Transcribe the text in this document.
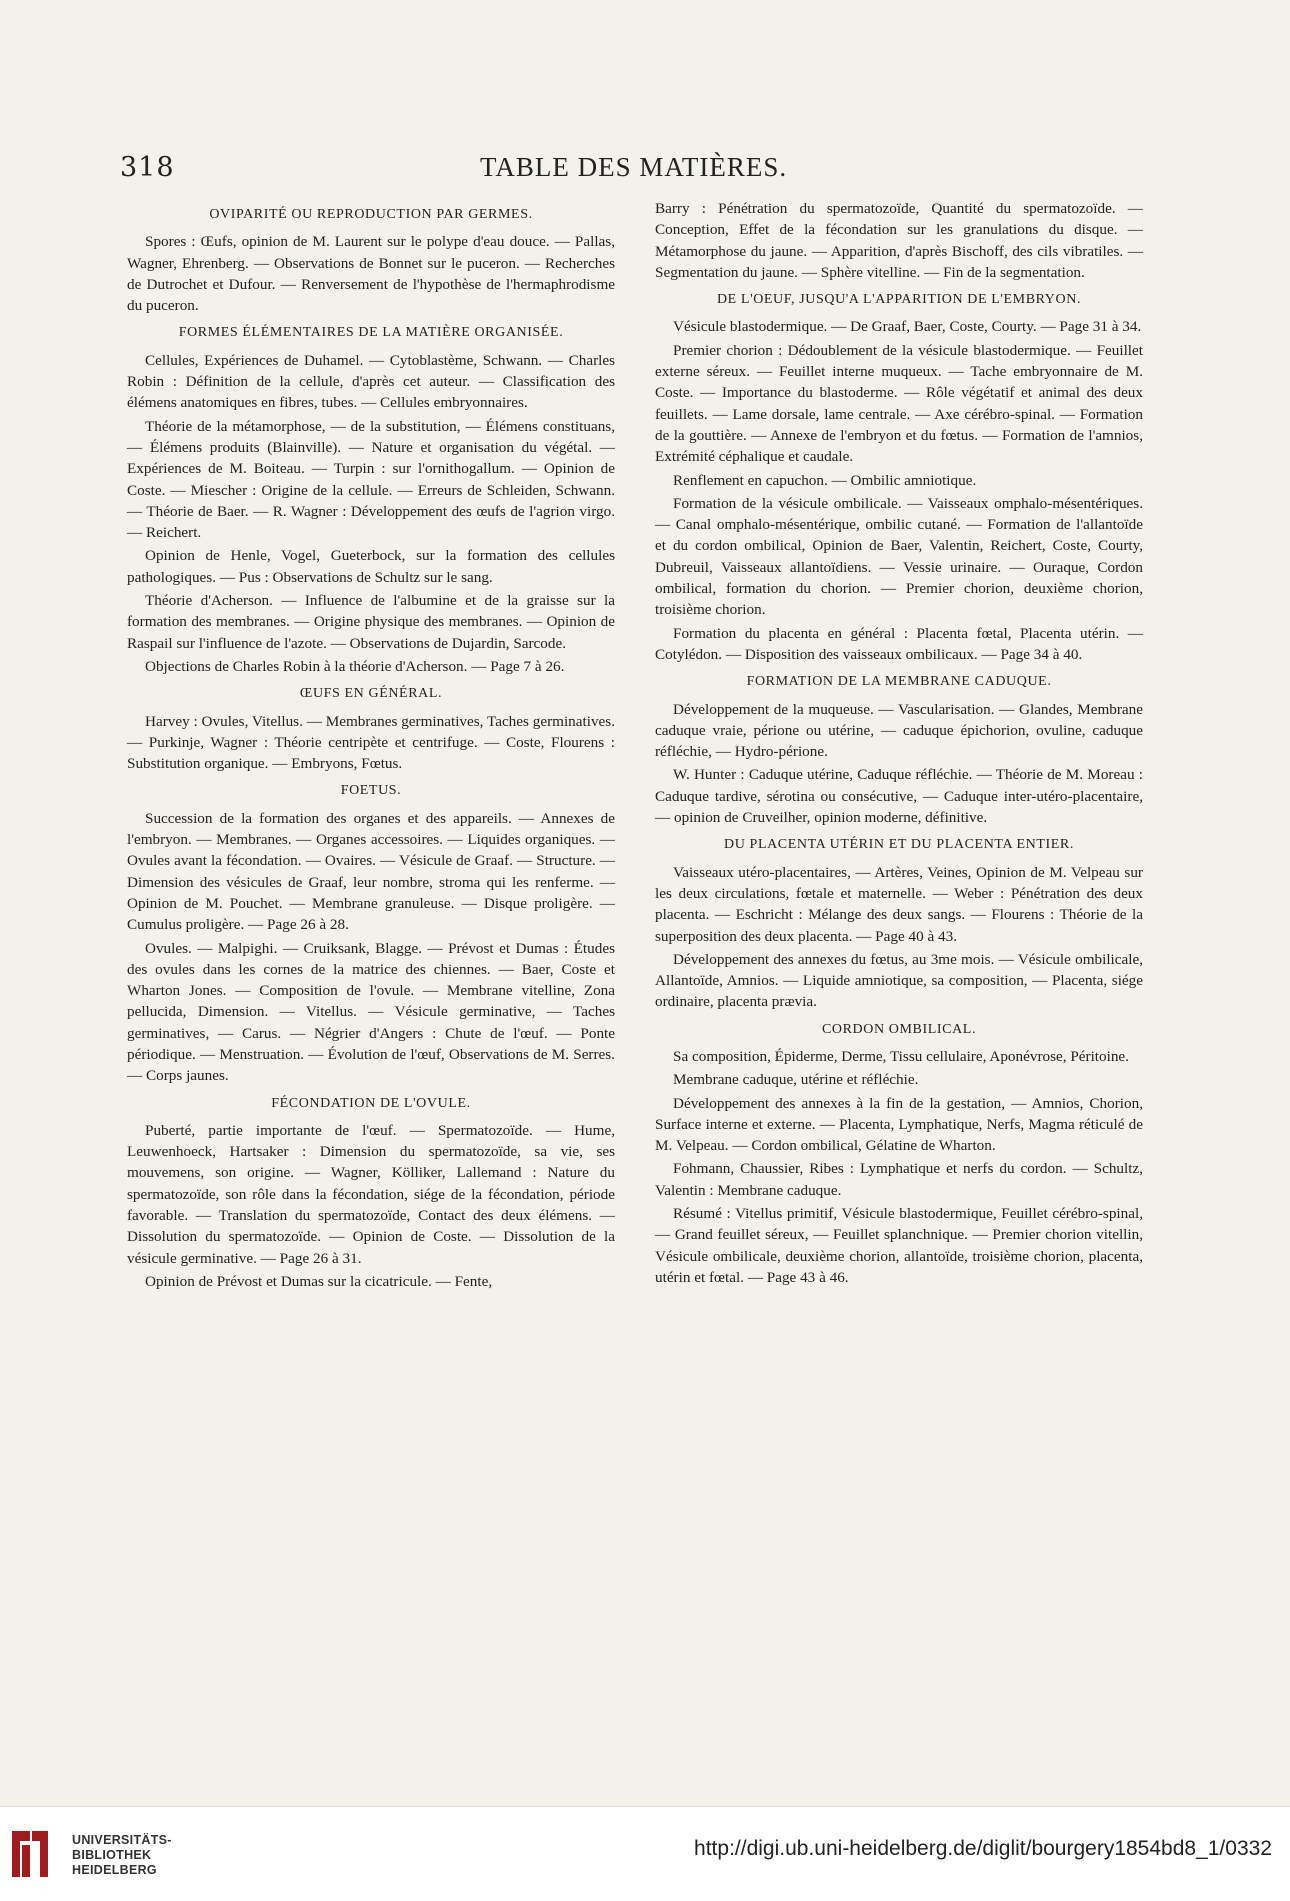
318	TABLE DES MATIÈRES.
OVIPARITÉ OU REPRODUCTION PAR GERMES.
Spores : Œufs, opinion de M. Laurent sur le polype d'eau douce. — Pallas, Wagner, Ehrenberg. — Observations de Bonnet sur le puceron. — Recherches de Dutrochet et Dufour. — Renversement de l'hypothèse de l'hermaphrodisme du puceron.
FORMES ÉLÉMENTAIRES DE LA MATIÈRE ORGANISÉE.
Cellules, Expériences de Duhamel. — Cytoblastème, Schwann. — Charles Robin : Définition de la cellule, d'après cet auteur. — Classification des élémens anatomiques en fibres, tubes. — Cellules embryonnaires.
Théorie de la métamorphose, — de la substitution, — Élémens constituans, — Élémens produits (Blainville). — Nature et organisation du végétal. — Expériences de M. Boiteau. — Turpin : sur l'ornithogallum. — Opinion de Coste. — Miescher : Origine de la cellule. — Erreurs de Schleiden, Schwann. — Théorie de Baer. — R. Wagner : Développement des œufs de l'agrion virgo. — Reichert.
Opinion de Henle, Vogel, Gueterbock, sur la formation des cellules pathologiques. — Pus : Observations de Schultz sur le sang.
Théorie d'Acherson. — Influence de l'albumine et de la graisse sur la formation des membranes. — Origine physique des membranes. — Opinion de Raspail sur l'influence de l'azote. — Observations de Dujardin, Sarcode.
Objections de Charles Robin à la théorie d'Acherson. — Page 7 à 26.
ŒUFS EN GÉNÉRAL.
Harvey : Ovules, Vitellus. — Membranes germinatives, Taches germinatives. — Purkinje, Wagner : Théorie centripète et centrifuge. — Coste, Flourens : Substitution organique. — Embryons, Fœtus.
FOETUS.
Succession de la formation des organes et des appareils. — Annexes de l'embryon. — Membranes. — Organes accessoires. — Liquides organiques. — Ovules avant la fécondation. — Ovaires. — Vésicule de Graaf. — Structure. — Dimension des vésicules de Graaf, leur nombre, stroma qui les renferme. — Opinion de M. Pouchet. — Membrane granuleuse. — Disque proligère. — Cumulus proligère. — Page 26 à 28.
Ovules. — Malpighi. — Cruiksank, Blagge. — Prévost et Dumas : Études des ovules dans les cornes de la matrice des chiennes. — Baer, Coste et Wharton Jones. — Composition de l'ovule. — Membrane vitelline, Zona pellucida, Dimension. — Vitellus. — Vésicule germinative, — Taches germinatives, — Carus. — Négrier d'Angers : Chute de l'œuf. — Ponte périodique. — Menstruation. — Évolution de l'œuf, Observations de M. Serres. — Corps jaunes.
FÉCONDATION DE L'OVULE.
Puberté, partie importante de l'œuf. — Spermatozoïde. — Hume, Leuwenhoeck, Hartsaker : Dimension du spermatozoïde, sa vie, ses mouvemens, son origine. — Wagner, Kölliker, Lallemand : Nature du spermatozoïde, son rôle dans la fécondation, siége de la fécondation, période favorable. — Translation du spermatozoïde, Contact des deux élémens. — Dissolution du spermatozoïde. — Opinion de Coste. — Dissolution de la vésicule germinative. — Page 26 à 31.
Opinion de Prévost et Dumas sur la cicatricule. — Fente,
Barry : Pénétration du spermatozoïde, Quantité du spermatozoïde. — Conception, Effet de la fécondation sur les granulations du disque. — Métamorphose du jaune. — Apparition, d'après Bischoff, des cils vibratiles. — Segmentation du jaune. — Sphère vitelline. — Fin de la segmentation.
DE L'OEUF, JUSQU'A L'APPARITION DE L'EMBRYON.
Vésicule blastodermique. — De Graaf, Baer, Coste, Courty. — Page 31 à 34.
Premier chorion : Dédoublement de la vésicule blastodermique. — Feuillet externe séreux. — Feuillet interne muqueux. — Tache embryonnaire de M. Coste. — Importance du blastoderme. — Rôle végétatif et animal des deux feuillets. — Lame dorsale, lame centrale. — Axe cérébro-spinal. — Formation de la gouttière. — Annexe de l'embryon et du fœtus. — Formation de l'amnios, Extrémité céphalique et caudale.
Renflement en capuchon. — Ombilic amniotique.
Formation de la vésicule ombilicale. — Vaisseaux omphalo-mésentériques. — Canal omphalo-mésentérique, ombilic cutané. — Formation de l'allantoïde et du cordon ombilical, Opinion de Baer, Valentin, Reichert, Coste, Courty, Dubreuil, Vaisseaux allantoïdiens. — Vessie urinaire. — Ouraque, Cordon ombilical, formation du chorion. — Premier chorion, deuxième chorion, troisième chorion.
Formation du placenta en général : Placenta fœtal, Placenta utérin. — Cotylédon. — Disposition des vaisseaux ombilicaux. — Page 34 à 40.
FORMATION DE LA MEMBRANE CADUQUE.
Développement de la muqueuse. — Vascularisation. — Glandes, Membrane caduque vraie, périone ou utérine, — caduque épichorion, ovuline, caduque réfléchie, — Hydro-périone.
W. Hunter : Caduque utérine, Caduque réfléchie. — Théorie de M. Moreau : Caduque tardive, sérotina ou consécutive, — Caduque inter-utéro-placentaire, — opinion de Cruveilher, opinion moderne, définitive.
DU PLACENTA UTÉRIN ET DU PLACENTA ENTIER.
Vaisseaux utéro-placentaires, — Artères, Veines, Opinion de M. Velpeau sur les deux circulations, fœtale et maternelle. — Weber : Pénétration des deux placenta. — Eschricht : Mélange des deux sangs. — Flourens : Théorie de la superposition des deux placenta. — Page 40 à 43.
Développement des annexes du fœtus, au 3me mois. — Vésicule ombilicale, Allantoïde, Amnios. — Liquide amniotique, sa composition, — Placenta, siége ordinaire, placenta prævia.
CORDON OMBILICAL.
Sa composition, Épiderme, Derme, Tissu cellulaire, Aponévrose, Péritoine.
Membrane caduque, utérine et réfléchie.
Développement des annexes à la fin de la gestation, — Amnios, Chorion, Surface interne et externe. — Placenta, Lymphatique, Nerfs, Magma réticulé de M. Velpeau. — Cordon ombilical, Gélatine de Wharton.
Fohmann, Chaussier, Ribes : Lymphatique et nerfs du cordon. — Schultz, Valentin : Membrane caduque.
Résumé : Vitellus primitif, Vésicule blastodermique, Feuillet cérébro-spinal, — Grand feuillet séreux, — Feuillet splanchnique. — Premier chorion vitellin, Vésicule ombilicale, deuxième chorion, allantoïde, troisième chorion, placenta, utérin et fœtal. — Page 43 à 46.
UNIVERSITÄTS-
BIBLIOTHEK
HEIDELBERG
http://digi.ub.uni-heidelberg.de/diglit/bourgery1854bd8_1/0332
